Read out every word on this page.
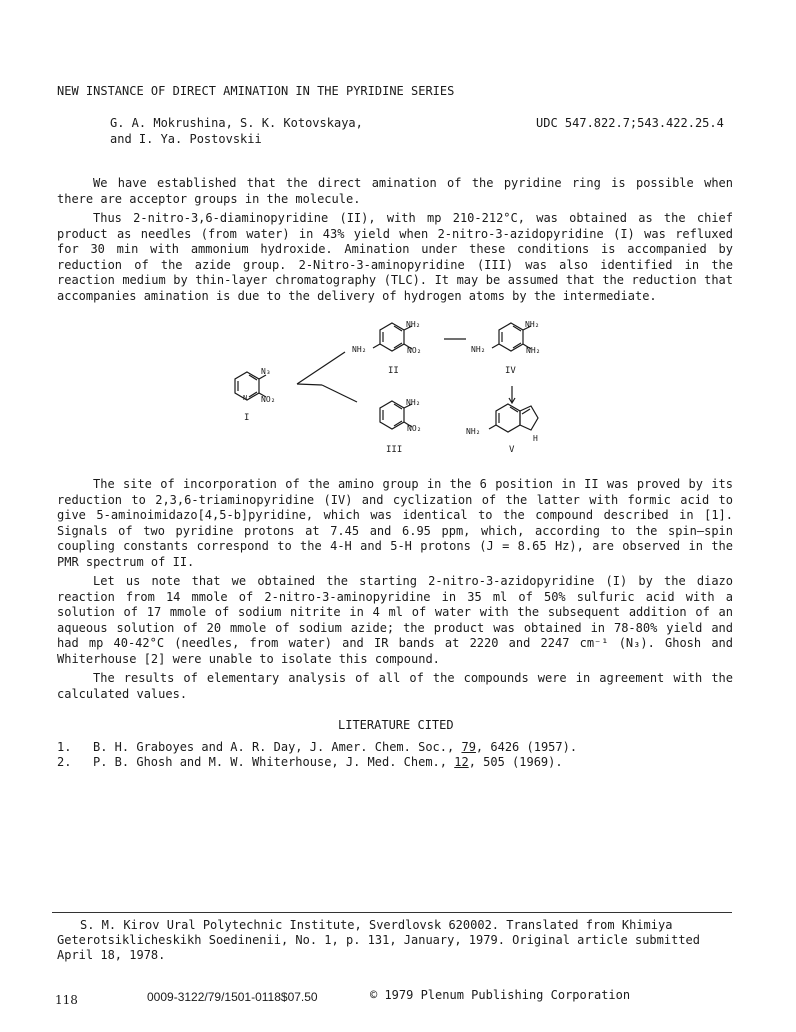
NEW INSTANCE OF DIRECT AMINATION IN THE PYRIDINE SERIES
G. A. Mokrushina, S. K. Kotovskaya,
and I. Ya. Postovskii
UDC 547.822.7;543.422.25.4

We have established that the direct amination of the pyridine ring is possible when there are acceptor groups in the molecule.

Thus 2-nitro-3,6-diaminopyridine (II), with mp 210-212°C, was obtained as the chief product as needles (from water) in 43% yield when 2-nitro-3-azidopyridine (I) was refluxed for 30 min with ammonium hydroxide. Amination under these conditions is accompanied by reduction of the azide group. 2-Nitro-3-aminopyridine (III) was also identified in the reaction medium by thin-layer chromatography (TLC). It may be assumed that the reduction that accompanies amination is due to the delivery of hydrogen atoms by the intermediate.

N₃
NO₂
N
NH₂
NO₂
NH₂
NH₂
NH₂
NH₂
NH₂
NO₂	NH₂
H
I
II	IV
III	V

The site of incorporation of the amino group in the 6 position in II was proved by its reduction to 2,3,6-triaminopyridine (IV) and cyclization of the latter with formic acid to give 5-aminoimidazo[4,5-b]pyridine, which was identical to the compound described in [1]. Signals of two pyridine protons at 7.45 and 6.95 ppm, which, according to the spin—spin coupling constants correspond to the 4-H and 5-H protons (J = 8.65 Hz), are observed in the PMR spectrum of II.

Let us note that we obtained the starting 2-nitro-3-azidopyridine (I) by the diazo reaction from 14 mmole of 2-nitro-3-aminopyridine in 35 ml of 50% sulfuric acid with a solution of 17 mmole of sodium nitrite in 4 ml of water with the subsequent addition of an aqueous solution of 20 mmole of sodium azide; the product was obtained in 78-80% yield and had mp 40-42°C (needles, from water) and IR bands at 2220 and 2247 cm⁻¹ (N₃). Ghosh and Whiterhouse [2] were unable to isolate this compound.

The results of elementary analysis of all of the compounds were in agreement with the calculated values.

LITERATURE CITED
1. B. H. Graboyes and A. R. Day, J. Amer. Chem. Soc., 79, 6426 (1957).
2. P. B. Ghosh and M. W. Whiterhouse, J. Med. Chem., 12, 505 (1969).
S. M. Kirov Ural Polytechnic Institute, Sverdlovsk 620002. Translated from Khimiya
Geterotsiklicheskikh Soedinenii, No. 1, p. 131, January, 1979. Original article submitted
April 18, 1978.
118	0009-3122/79/1501-0118$07.50	© 1979 Plenum Publishing Corporation
